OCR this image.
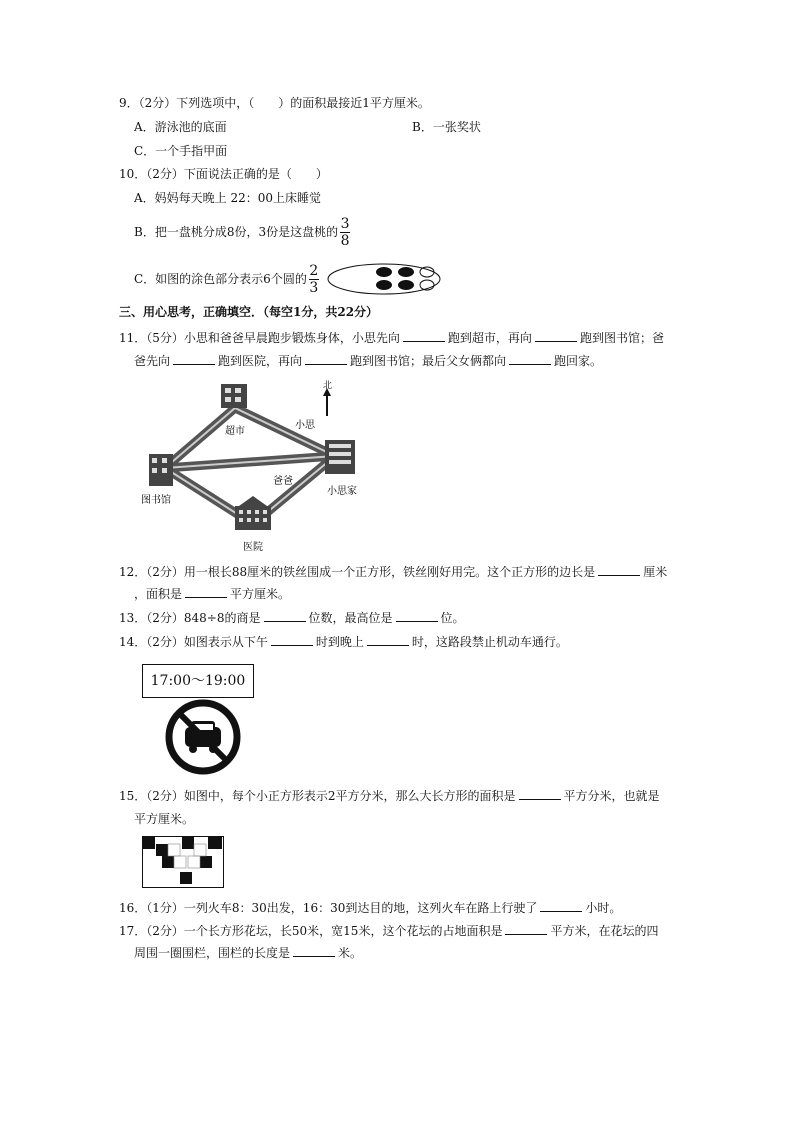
9．（2分）下列选项中，（　　）的面积最接近1平方厘米。
A．游泳池的底面	B．一张奖状
C．一个手指甲面
10．（2分）下面说法正确的是（　　）
A．妈妈每天晚上 22：00上床睡觉
B．把一盘桃分成8份，3份是这盘桃的 $\frac{3}{8}$
C．如图的涂色部分表示6个圆的 $\frac{2}{3}$
三、用心思考，正确填空．（每空1分，共22分）
11．（5分）小思和爸爸早晨跑步锻炼身体，小思先向	跑到超市，再向	跑到图书馆；爸
爸先向	跑到医院，再向	跑到图书馆；最后父女俩都向	跑回家。
北
超市
小思
爸爸
小思家
图书馆
医院
12．（2分）用一根长88厘米的铁丝围成一个正方形，铁丝刚好用完。这个正方形的边长是	厘米
，面积是	平方厘米。
13．（2分）848÷8的商是	位数，最高位是	位。
14．（2分）如图表示从下午	时到晚上	时，这路段禁止机动车通行。
17:00～19:00
15．（2分）如图中，每个小正方形表示2平方分米，那么大长方形的面积是	平方分米，也就是
平方厘米。
16．（1分）一列火车8：30出发，16：30到达目的地，这列火车在路上行驶了	小时。
17．（2分）一个长方形花坛，长50米，宽15米，这个花坛的占地面积是	平方米，在花坛的四
周围一圈围栏，围栏的长度是	米。
